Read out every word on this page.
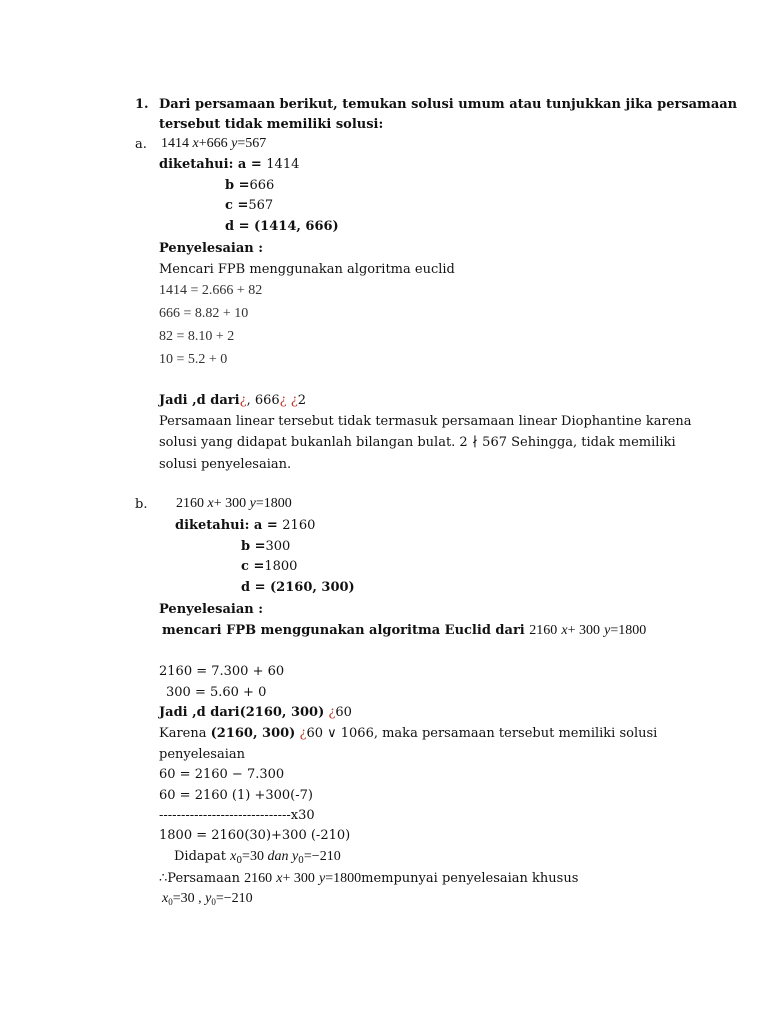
1. Dari persamaan berikut, temukan solusi umum atau tunjukkan jika persamaan
tersebut tidak memiliki solusi:
a. 1414 x+666 y=567
diketahui: a = 1414
b =666
c =567
d = (1414, 666)
Penyelesaian :
Mencari FPB menggunakan algoritma euclid
1414 = 2.666 + 82
666 = 8.82 + 10
82 = 8.10 + 2
10 = 5.2 + 0
Jadi ,d dari¿, 666¿ ¿2
Persamaan linear tersebut tidak termasuk persamaan linear Diophantine karena
solusi yang didapat bukanlah bilangan bulat. 2 ∤ 567 Sehingga, tidak memiliki
solusi penyelesaian.
b. 2160 x+ 300 y=1800
diketahui: a = 2160
b =300
c =1800
d = (2160, 300)
Penyelesaian :
mencari FPB menggunakan algoritma Euclid dari 2160 x+ 300 y=1800
2160 = 7.300 + 60
300 = 5.60 + 0
Jadi ,d dari(2160, 300) ¿60
Karena (2160, 300) ¿60 ∨ 1066, maka persamaan tersebut memiliki solusi
penyelesaian
60 = 2160 − 7.300
60 = 2160 (1) +300(-7)
------------------------------x30
1800 = 2160(30)+300 (-210)
Didapat $x_0=30$ dan $y_0=-210$
∴Persamaan 2160 x+ 300 y=1800mempunyai penyelesaian khusus
$x_0=30$ , $y_0=-210$
